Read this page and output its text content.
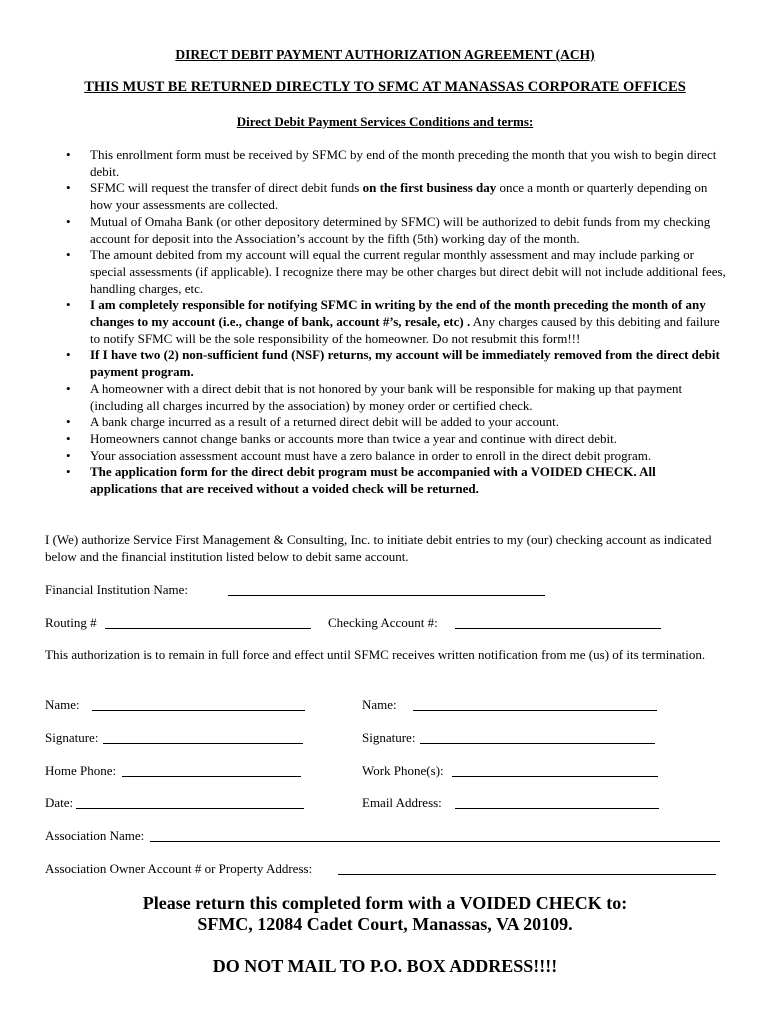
DIRECT DEBIT PAYMENT AUTHORIZATION AGREEMENT (ACH)
THIS MUST BE RETURNED DIRECTLY TO SFMC AT MANASSAS CORPORATE OFFICES
Direct Debit Payment Services Conditions and terms:
• This enrollment form must be received by SFMC by end of the month preceding the month that you wish to begin direct debit.
• SFMC will request the transfer of direct debit funds on the first business day once a month or quarterly depending on how your assessments are collected.
• Mutual of Omaha Bank (or other depository determined by SFMC) will be authorized to debit funds from my checking account for deposit into the Association’s account by the fifth (5th) working day of the month.
• The amount debited from my account will equal the current regular monthly assessment and may include parking or special assessments (if applicable). I recognize there may be other charges but direct debit will not include additional fees, handling charges, etc.
• I am completely responsible for notifying SFMC in writing by the end of the month preceding the month of any changes to my account (i.e., change of bank, account #’s, resale, etc) . Any charges caused by this debiting and failure to notify SFMC will be the sole responsibility of the homeowner. Do not resubmit this form!!!
• If I have two (2) non-sufficient fund (NSF) returns, my account will be immediately removed from the direct debit payment program.
• A homeowner with a direct debit that is not honored by your bank will be responsible for making up that payment (including all charges incurred by the association) by money order or certified check.
• A bank charge incurred as a result of a returned direct debit will be added to your account.
• Homeowners cannot change banks or accounts more than twice a year and continue with direct debit.
• Your association assessment account must have a zero balance in order to enroll in the direct debit program.
• The application form for the direct debit program must be accompanied with a VOIDED CHECK. All applications that are received without a voided check will be returned.
I (We) authorize Service First Management & Consulting, Inc. to initiate debit entries to my (our) checking account as indicated below and the financial institution listed below to debit same account.
Financial Institution Name:
Routing #	Checking Account #:
This authorization is to remain in full force and effect until SFMC receives written notification from me (us) of its termination.
Name:	Name:
Signature:	Signature:
Home Phone:	Work Phone(s):
Date:	Email Address:
Association Name:
Association Owner Account # or Property Address:
Please return this completed form with a VOIDED CHECK to:
SFMC, 12084 Cadet Court, Manassas, VA 20109.
DO NOT MAIL TO P.O. BOX ADDRESS!!!!
